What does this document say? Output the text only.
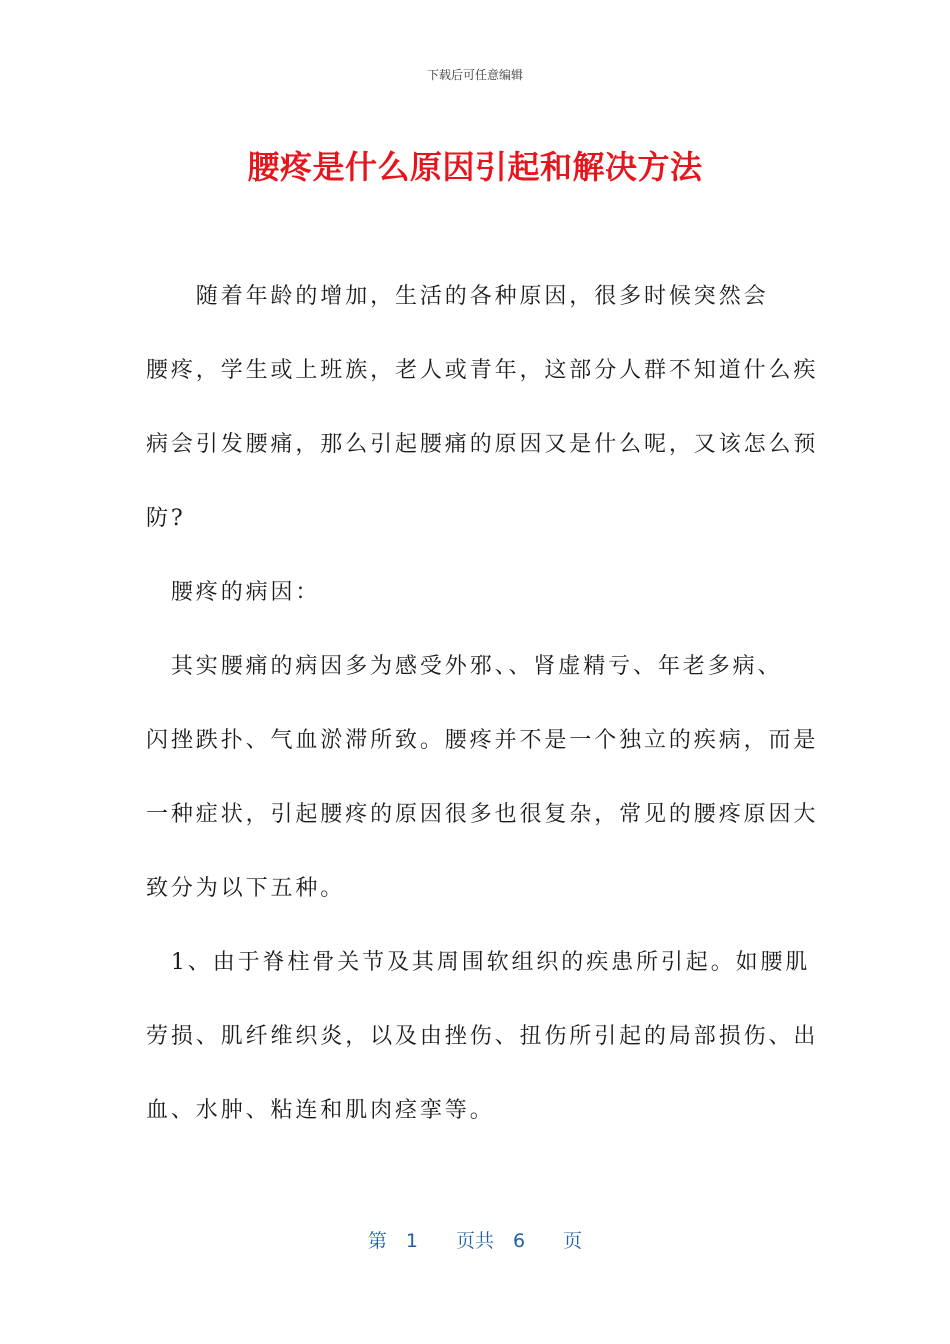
下载后可任意编辑
腰疼是什么原因引起和解决方法
　　随着年龄的增加，生活的各种原因，很多时候突然会
腰疼，学生或上班族，老人或青年，这部分人群不知道什么疾
病会引发腰痛，那么引起腰痛的原因又是什么呢，又该怎么预
防?
　腰疼的病因：
　其实腰痛的病因多为感受外邪、、肾虚精亏、年老多病、
闪挫跌扑、气血淤滞所致。腰疼并不是一个独立的疾病，而是
一种症状，引起腰疼的原因很多也很复杂，常见的腰疼原因大
致分为以下五种。
　1、由于脊柱骨关节及其周围软组织的疾患所引起。如腰肌
劳损、肌纤维织炎，以及由挫伤、扭伤所引起的局部损伤、出
血、水肿、粘连和肌肉痉挛等。
第　1　　页共　6　　页
